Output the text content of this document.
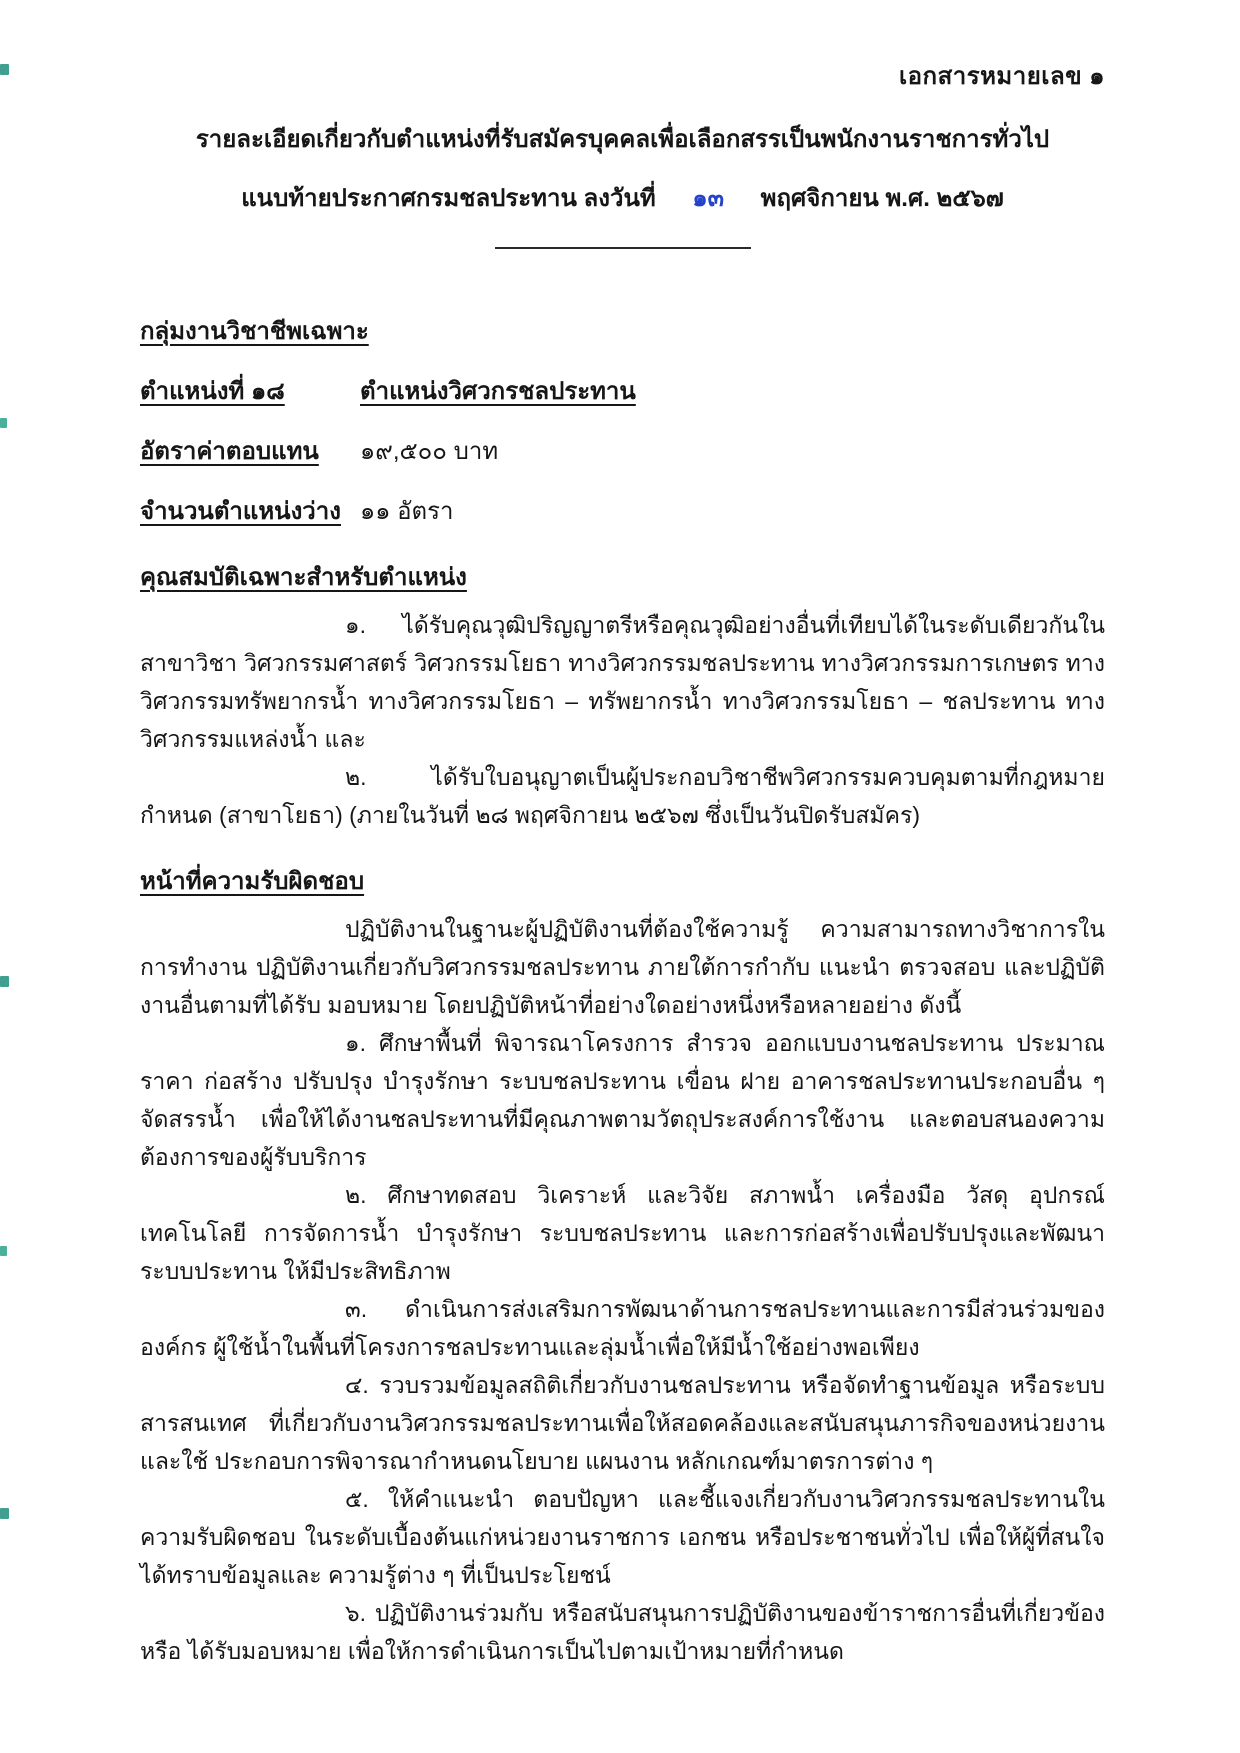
เอกสารหมายเลข ๑
รายละเอียดเกี่ยวกับตำแหน่งที่รับสมัครบุคคลเพื่อเลือกสรรเป็นพนักงานราชการทั่วไป
แนบท้ายประกาศกรมชลประทาน ลงวันที่ ๑๓ พฤศจิกายน พ.ศ. ๒๕๖๗
กลุ่มงานวิชาชีพเฉพาะ
ตำแหน่งที่ ๑๘	ตำแหน่งวิศวกรชลประทาน
อัตราค่าตอบแทน	๑๙,๕๐๐ บาท
จำนวนตำแหน่งว่าง ๑๑ อัตรา
คุณสมบัติเฉพาะสำหรับตำแหน่ง

๑. ได้รับคุณวุฒิปริญญาตรีหรือคุณวุฒิอย่างอื่นที่เทียบได้ในระดับเดียวกันในสาขาวิชา วิศวกรรมศาสตร์ วิศวกรรมโยธา ทางวิศวกรรมชลประทาน ทางวิศวกรรมการเกษตร ทางวิศวกรรมทรัพยากรน้ำ ทางวิศวกรรมโยธา – ทรัพยากรน้ำ ทางวิศวกรรมโยธา – ชลประทาน ทางวิศวกรรมแหล่งน้ำ และ

๒. ได้รับใบอนุญาตเป็นผู้ประกอบวิชาชีพวิศวกรรมควบคุมตามที่กฎหมายกำหนด (สาขาโยธา) (ภายในวันที่ ๒๘ พฤศจิกายน ๒๕๖๗ ซึ่งเป็นวันปิดรับสมัคร)

หน้าที่ความรับผิดชอบ

ปฏิบัติงานในฐานะผู้ปฏิบัติงานที่ต้องใช้ความรู้ ความสามารถทางวิชาการในการทำงาน ปฏิบัติงานเกี่ยวกับวิศวกรรมชลประทาน ภายใต้การกำกับ แนะนำ ตรวจสอบ และปฏิบัติงานอื่นตามที่ได้รับ มอบหมาย โดยปฏิบัติหน้าที่อย่างใดอย่างหนึ่งหรือหลายอย่าง ดังนี้

๑. ศึกษาพื้นที่ พิจารณาโครงการ สำรวจ ออกแบบงานชลประทาน ประมาณราคา ก่อสร้าง ปรับปรุง บำรุงรักษา ระบบชลประทาน เขื่อน ฝาย อาคารชลประทานประกอบอื่น ๆ จัดสรรน้ำ เพื่อให้ได้งานชลประทานที่มีคุณภาพตามวัตถุประสงค์การใช้งาน และตอบสนองความต้องการของผู้รับบริการ

๒. ศึกษาทดสอบ วิเคราะห์ และวิจัย สภาพน้ำ เครื่องมือ วัสดุ อุปกรณ์เทคโนโลยี การจัดการน้ำ บำรุงรักษา ระบบชลประทาน และการก่อสร้างเพื่อปรับปรุงและพัฒนาระบบประทาน ให้มีประสิทธิภาพ

๓. ดำเนินการส่งเสริมการพัฒนาด้านการชลประทานและการมีส่วนร่วมขององค์กร ผู้ใช้น้ำในพื้นที่โครงการชลประทานและลุ่มน้ำเพื่อให้มีน้ำใช้อย่างพอเพียง

๔. รวบรวมข้อมูลสถิติเกี่ยวกับงานชลประทาน หรือจัดทำฐานข้อมูล หรือระบบ สารสนเทศ ที่เกี่ยวกับงานวิศวกรรมชลประทานเพื่อให้สอดคล้องและสนับสนุนภารกิจของหน่วยงาน และใช้ ประกอบการพิจารณากำหนดนโยบาย แผนงาน หลักเกณฑ์มาตรการต่าง ๆ

๕. ให้คำแนะนำ ตอบปัญหา และชี้แจงเกี่ยวกับงานวิศวกรรมชลประทานในความรับผิดชอบ ในระดับเบื้องต้นแก่หน่วยงานราชการ เอกชน หรือประชาชนทั่วไป เพื่อให้ผู้ที่สนใจได้ทราบข้อมูลและ ความรู้ต่าง ๆ ที่เป็นประโยชน์

๖. ปฏิบัติงานร่วมกับ หรือสนับสนุนการปฏิบัติงานของข้าราชการอื่นที่เกี่ยวข้อง หรือ ได้รับมอบหมาย เพื่อให้การดำเนินการเป็นไปตามเป้าหมายที่กำหนด
